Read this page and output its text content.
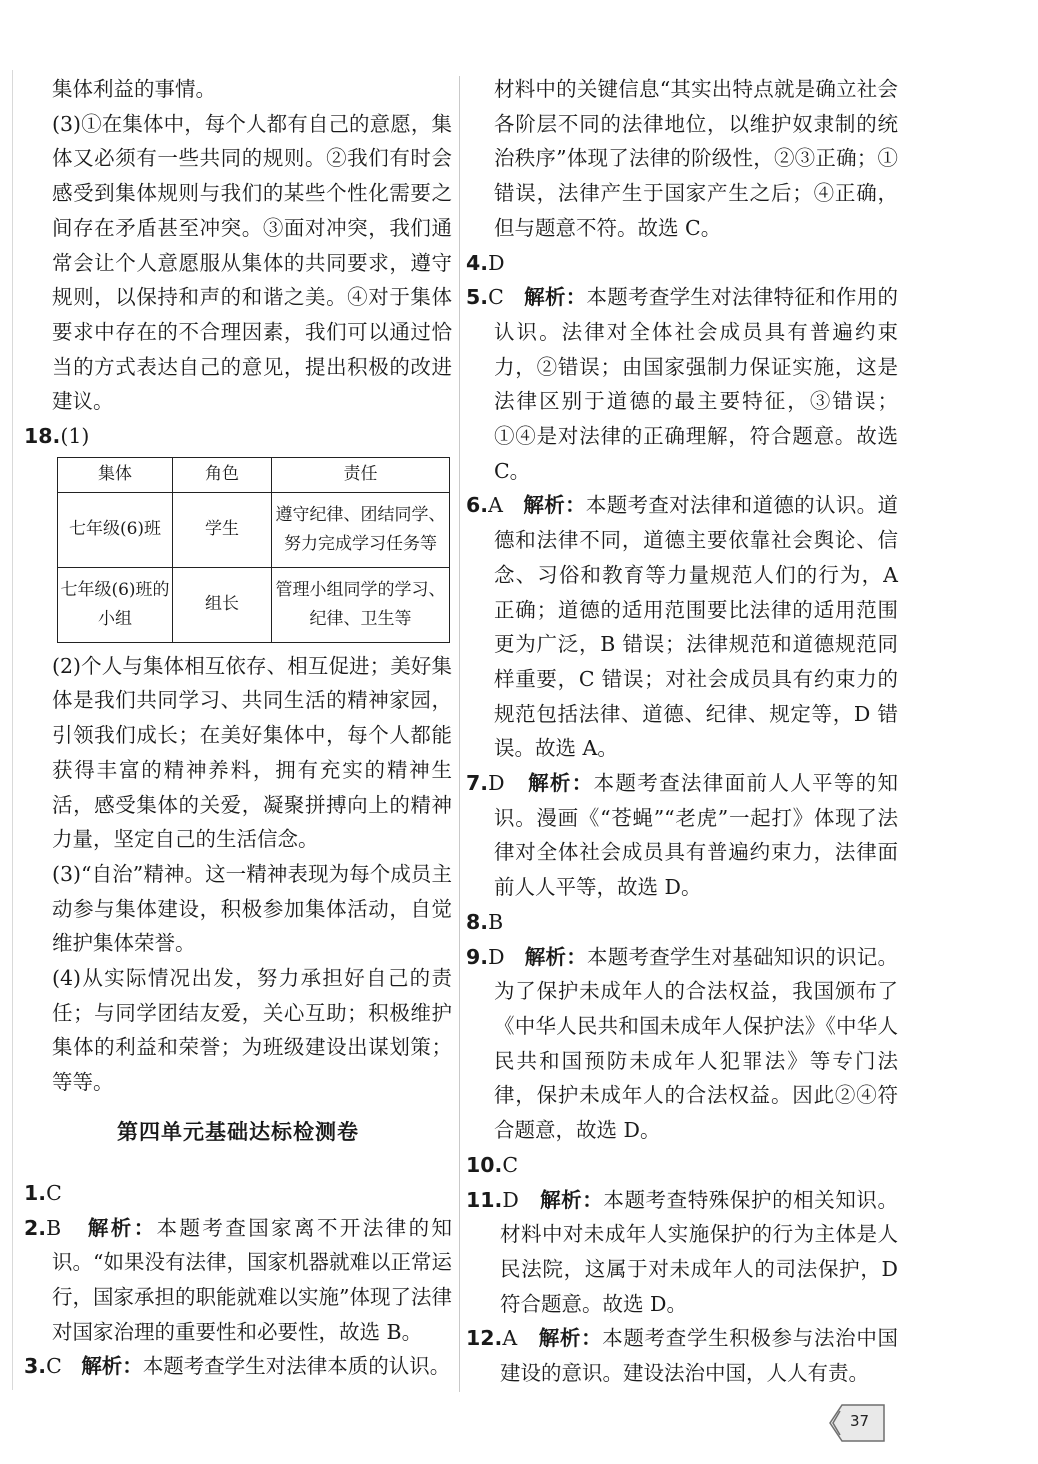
集体利益的事情。

(3)①在集体中，每个人都有自己的意愿，集体又必须有一些共同的规则。②我们有时会感受到集体规则与我们的某些个性化需要之间存在矛盾甚至冲突。③面对冲突，我们通常会让个人意愿服从集体的共同要求，遵守规则，以保持和声的和谐之美。④对于集体要求中存在的不合理因素，我们可以通过恰当的方式表达自己的意见，提出积极的改进建议。

18.(1)

集体	角色	责任
七年级(6)班	学生	遵守纪律、团结同学、努力完成学习任务等
七年级(6)班的小组	组长	管理小组同学的学习、纪律、卫生等

(2)个人与集体相互依存、相互促进；美好集体是我们共同学习、共同生活的精神家园，引领我们成长；在美好集体中，每个人都能获得丰富的精神养料，拥有充实的精神生活，感受集体的关爱，凝聚拼搏向上的精神力量，坚定自己的生活信念。

(3)“自治”精神。这一精神表现为每个成员主动参与集体建设，积极参加集体活动，自觉维护集体荣誉。

(4)从实际情况出发，努力承担好自己的责任；与同学团结友爱，关心互助；积极维护集体的利益和荣誉；为班级建设出谋划策；等等。

第四单元基础达标检测卷

1.C

2.B 解析：本题考查国家离不开法律的知识。“如果没有法律，国家机器就难以正常运行，国家承担的职能就难以实施”体现了法律对国家治理的重要性和必要性，故选 B。

3.C 解析：本题考查学生对法律本质的认识。

材料中的关键信息“其实出特点就是确立社会各阶层不同的法律地位，以维护奴隶制的统治秩序”体现了法律的阶级性，②③正确；①错误，法律产生于国家产生之后；④正确，但与题意不符。故选 C。

4.D

5.C 解析：本题考查学生对法律特征和作用的认识。法律对全体社会成员具有普遍约束力，②错误；由国家强制力保证实施，这是法律区别于道德的最主要特征，③错误；①④是对法律的正确理解，符合题意。故选 C。

6.A 解析：本题考查对法律和道德的认识。道德和法律不同，道德主要依靠社会舆论、信念、习俗和教育等力量规范人们的行为，A 正确；道德的适用范围要比法律的适用范围更为广泛，B 错误；法律规范和道德规范同样重要，C 错误；对社会成员具有约束力的规范包括法律、道德、纪律、规定等，D 错误。故选 A。

7.D 解析：本题考查法律面前人人平等的知识。漫画《“苍蝇”“老虎”一起打》体现了法律对全体社会成员具有普遍约束力，法律面前人人平等，故选 D。

8.B

9.D 解析：本题考查学生对基础知识的识记。为了保护未成年人的合法权益，我国颁布了《中华人民共和国未成年人保护法》《中华人民共和国预防未成年人犯罪法》等专门法律，保护未成年人的合法权益。因此②④符合题意，故选 D。

10.C

11.D 解析：本题考查特殊保护的相关知识。材料中对未成年人实施保护的行为主体是人民法院，这属于对未成年人的司法保护，D 符合题意。故选 D。

12.A 解析：本题考查学生积极参与法治中国建设的意识。建设法治中国，人人有责。

37
